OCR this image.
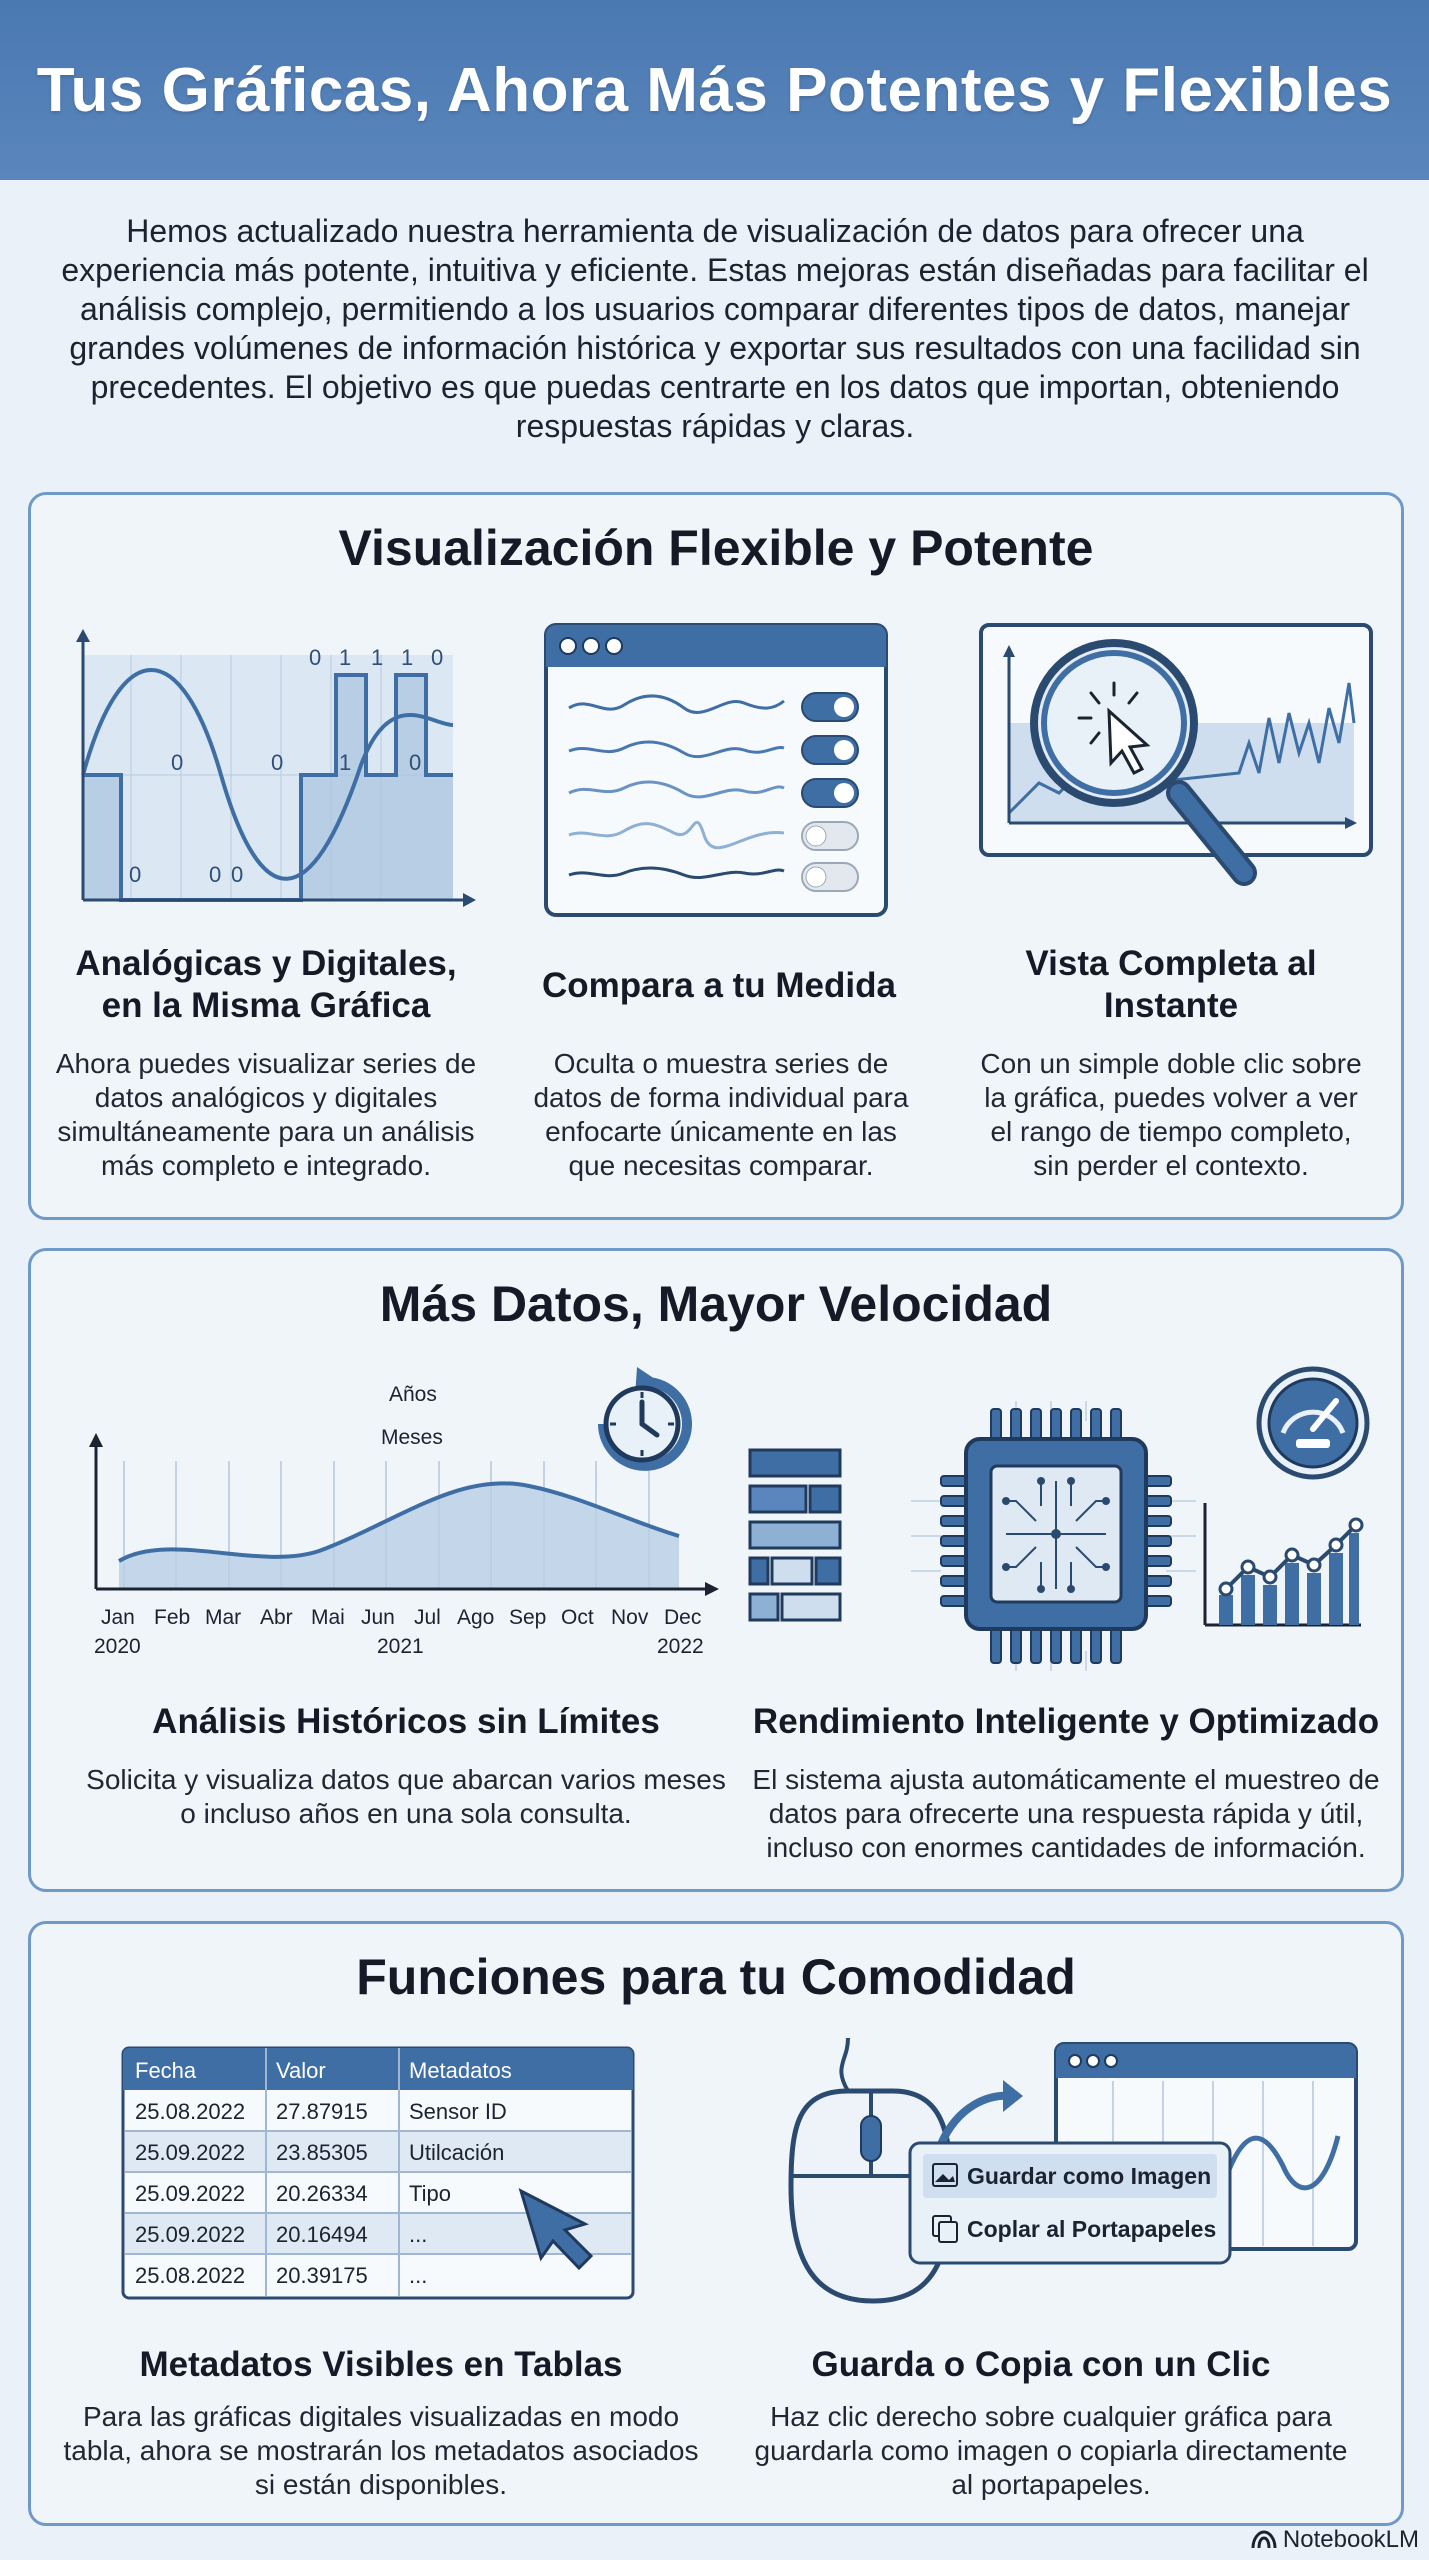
Tus Gráficas, Ahora Más Potentes y Flexibles

Hemos actualizado nuestra herramienta de visualización de datos para ofrecer una experiencia más potente, intuitiva y eficiente. Estas mejoras están diseñadas para facilitar el análisis complejo, permitiendo a los usuarios comparar diferentes tipos de datos, manejar grandes volúmenes de información histórica y exportar sus resultados con una facilidad sin precedentes. El objetivo es que puedas centrarte en los datos que importan, obteniendo respuestas rápidas y claras.

Visualización Flexible y Potente
0 1 1 1 0
0	0	1	0
0	0 0
Analógicas y Digitales,
en la Misma Gráfica
Ahora puedes visualizar series de datos analógicos y digitales simultáneamente para un análisis más completo e integrado.
Compara a tu Medida
Oculta o muestra series de datos de forma individual para enfocarte únicamente en las que necesitas comparar.
Vista Completa al
Instante
Con un simple doble clic sobre la gráfica, puedes volver a ver el rango de tiempo completo, sin perder el contexto.
Más Datos, Mayor Velocidad
Años
Meses
Jan Feb Mar Abr Mai Jun Jul Ago Sep Oct Nov Dec
2020	2021	2022
Análisis Históricos sin Límites
Solicita y visualiza datos que abarcan varios meses o incluso años en una sola consulta.
Rendimiento Inteligente y Optimizado
El sistema ajusta automáticamente el muestreo de datos para ofrecerte una respuesta rápida y útil, incluso con enormes cantidades de información.
Funciones para tu Comodidad
Fecha	Valor	Metadatos
25.08.2022 27.87915 Sensor ID
25.09.2022 23.85305 Utilcación
25.09.2022 20.26334 Tipo
25.09.2022 20.16494 ...
25.08.2022 20.39175 ...
Guardar como Imagen
Coplar al Portapapeles
Metadatos Visibles en Tablas
Para las gráficas digitales visualizadas en modo tabla, ahora se mostrarán los metadatos asociados si están disponibles.
Guarda o Copia con un Clic
Haz clic derecho sobre cualquier gráfica para guardarla como imagen o copiarla directamente al portapapeles.
NotebookLM
